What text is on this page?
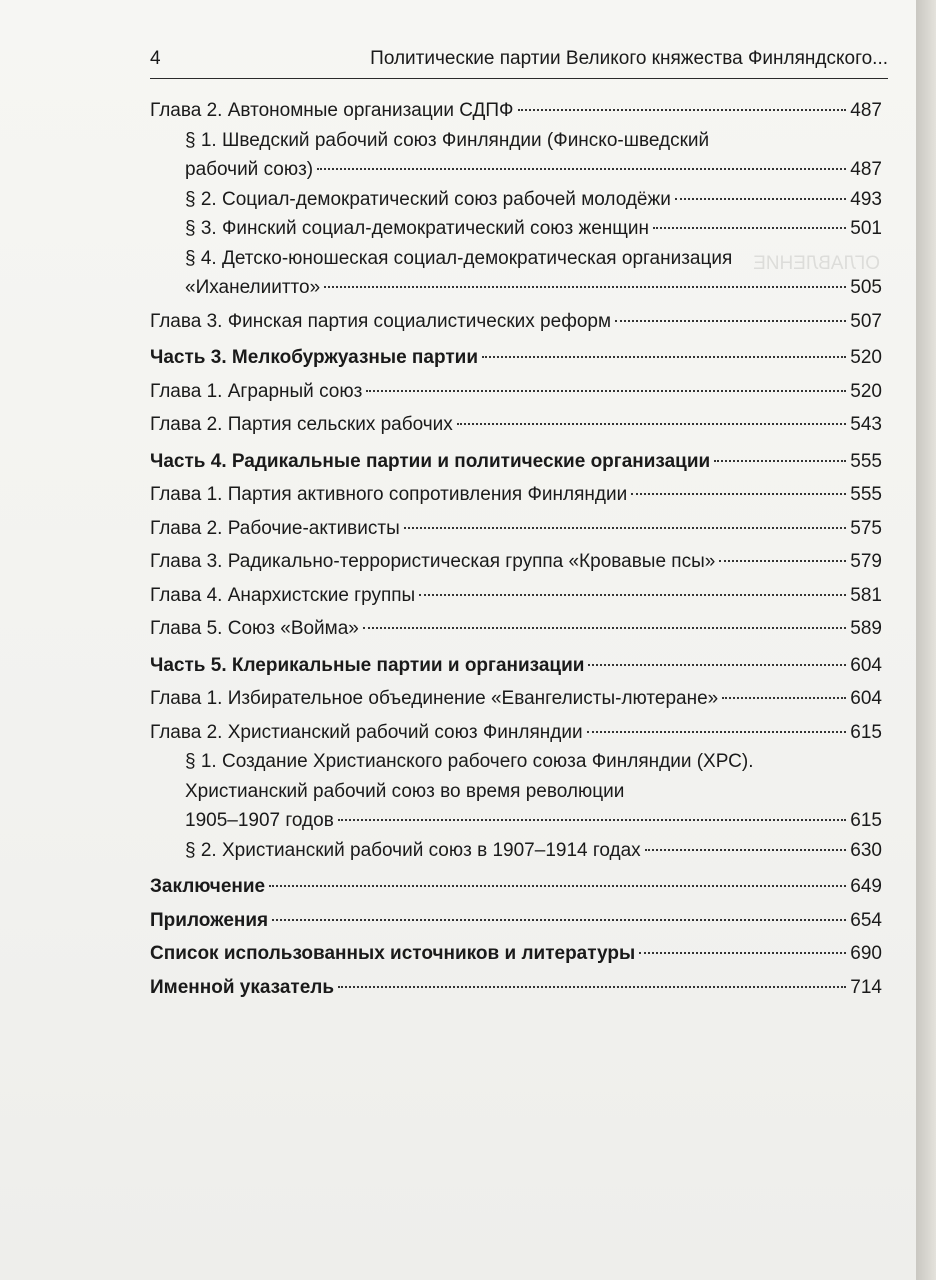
ОГЛАВЛЕНИЕ
4	Политические партии Великого княжества Финляндского...
Глава 2. Автономные организации СДПФ	487
§ 1. Шведский рабочий союз Финляндии (Финско-шведский
рабочий союз)	487
§ 2. Социал-демократический союз рабочей молодёжи	493
§ 3. Финский социал-демократический союз женщин	501
§ 4. Детско-юношеская социал-демократическая организация
«Иханелиитто»	505
Глава 3. Финская партия социалистических реформ	507
Часть 3. Мелкобуржуазные партии	520
Глава 1. Аграрный союз	520
Глава 2. Партия сельских рабочих	543
Часть 4. Радикальные партии и политические организации	555
Глава 1. Партия активного сопротивления Финляндии	555
Глава 2. Рабочие-активисты	575
Глава 3. Радикально-террористическая группа «Кровавые псы»	579
Глава 4. Анархистские группы	581
Глава 5. Союз «Войма»	589
Часть 5. Клерикальные партии и организации	604
Глава 1. Избирательное объединение «Евангелисты-лютеране»	604
Глава 2. Христианский рабочий союз Финляндии	615
§ 1. Создание Христианского рабочего союза Финляндии (ХРС).
Христианский рабочий союз во время революции
1905–1907 годов	615
§ 2. Христианский рабочий союз в 1907–1914 годах	630
Заключение	649
Приложения	654
Список использованных источников и литературы	690
Именной указатель	714
